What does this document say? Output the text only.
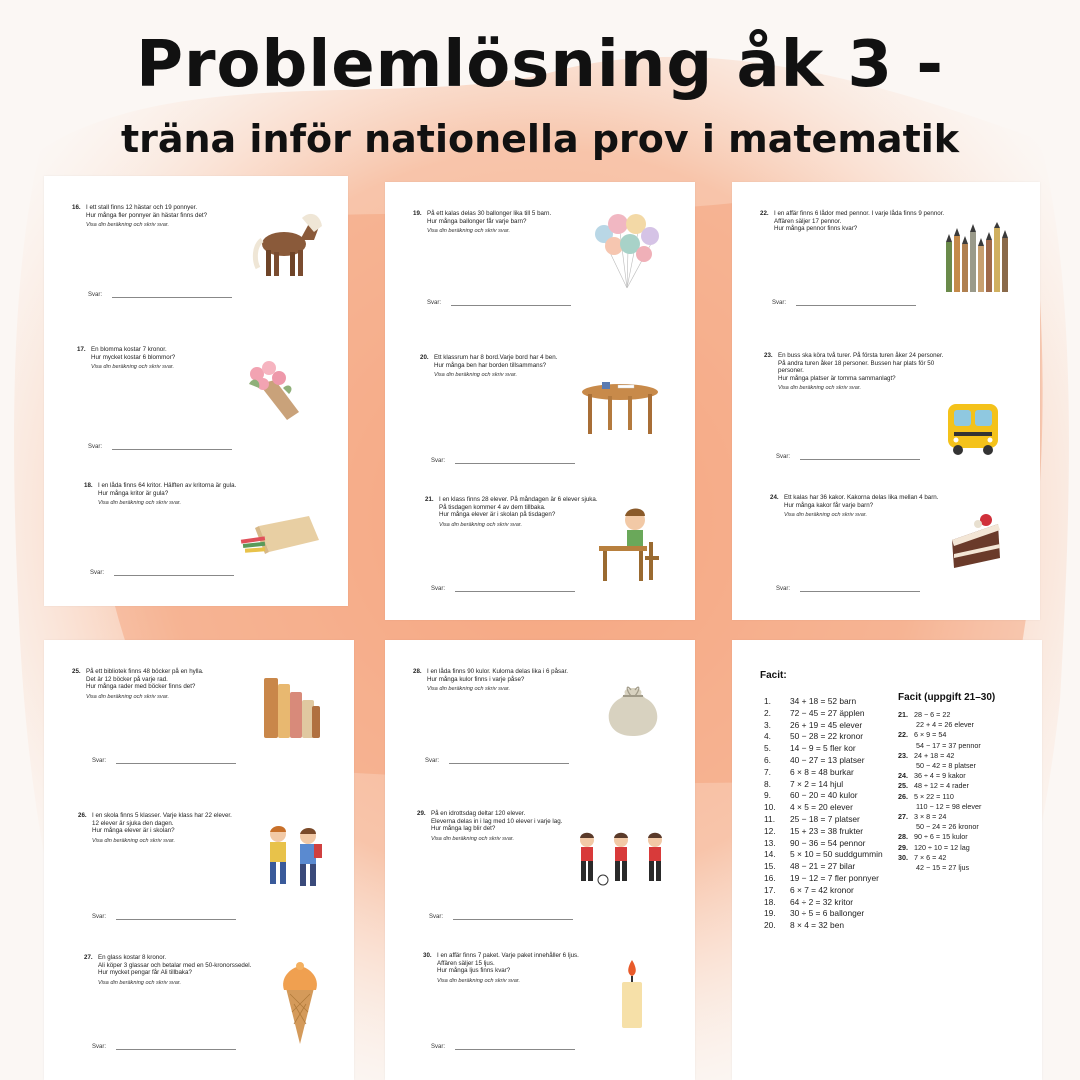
Problemlösning åk 3 -
träna inför nationella prov i matematik
16. I ett stall finns 12 hästar och 19 ponnyer.
Hur många fler ponnyer än hästar finns det?
Visa din beräkning och skriv svar.
Svar:
17. En blomma kostar 7 kronor.
Hur mycket kostar 6 blommor?
Visa din beräkning och skriv svar.
Svar:
18. I en låda finns 64 kritor. Hälften av kritorna är gula.
Hur många kritor är gula?
Visa din beräkning och skriv svar.
Svar:
19. På ett kalas delas 30 ballonger lika till 5 barn.
Hur många ballonger får varje barn?
Visa din beräkning och skriv svar.
Svar:
20. Ett klassrum har 8 bord.Varje bord har 4 ben.
Hur många ben har borden tillsammans?
Visa din beräkning och skriv svar.
Svar:
21. I en klass finns 28 elever. På måndagen är 6 elever sjuka.
På tisdagen kommer 4 av dem tillbaka.
Hur många elever är i skolan på tisdagen?
Visa din beräkning och skriv svar.
Svar:
22. I en affär finns 6 lådor med pennor. I varje låda finns 9 pennor.
Affären säljer 17 pennor.
Hur många pennor finns kvar?
Svar:
23. En buss ska köra två turer. På första turen åker 24 personer.
På andra turen åker 18 personer. Bussen har plats för 50
personer.
Hur många platser är tomma sammanlagt?
Visa din beräkning och skriv svar.
Svar:
24. Ett kalas har 36 kakor. Kakorna delas lika mellan 4 barn.
Hur många kakor får varje barn?
Visa din beräkning och skriv svar.
Svar:
25. På ett bibliotek finns 48 böcker på en hylla.
Det är 12 böcker på varje rad.
Hur många rader med böcker finns det?
Visa din beräkning och skriv svar.
Svar:
26. I en skola finns 5 klasser. Varje klass har 22 elever.
12 elever är sjuka den dagen.
Hur många elever är i skolan?
Visa din beräkning och skriv svar.
Svar:
27. En glass kostar 8 kronor.
Ali köper 3 glassar och betalar med en 50-kronorssedel.
Hur mycket pengar får Ali tillbaka?
Visa din beräkning och skriv svar.
Svar:
28. I en låda finns 90 kulor. Kulorna delas lika i 6 påsar.
Hur många kulor finns i varje påse?
Visa din beräkning och skriv svar.
Svar:
29. På en idrottsdag deltar 120 elever.
Eleverna delas in i lag med 10 elever i varje lag.
Hur många lag blir det?
Visa din beräkning och skriv svar.
Svar:
30. I en affär finns 7 paket. Varje paket innehåller 6 ljus.
Affären säljer 15 ljus.
Hur många ljus finns kvar?
Visa din beräkning och skriv svar.
Svar:
Facit:
1. 34 + 18 = 52 barn
2. 72 − 45 = 27 äpplen
3. 26 + 19 = 45 elever
4. 50 − 28 = 22 kronor
5. 14 − 9 = 5 fler kor
6. 40 − 27 = 13 platser
7. 6 × 8 = 48 burkar
8. 7 × 2 = 14 hjul
9. 60 − 20 = 40 kulor
10. 4 × 5 = 20 elever
11. 25 − 18 = 7 platser
12. 15 + 23 = 38 frukter
13. 90 − 36 = 54 pennor
14. 5 × 10 = 50 suddgummin
15. 48 − 21 = 27 bilar
16. 19 − 12 = 7 fler ponnyer
17. 6 × 7 = 42 kronor
18. 64 ÷ 2 = 32 kritor
19. 30 ÷ 5 = 6 ballonger
20. 8 × 4 = 32 ben
Facit (uppgift 21–30)
21. 28 − 6 = 22
22 + 4 = 26 elever
22. 6 × 9 = 54
54 − 17 = 37 pennor
23. 24 + 18 = 42
50 − 42 = 8 platser
24. 36 ÷ 4 = 9 kakor
25. 48 ÷ 12 = 4 rader
26. 5 × 22 = 110
110 − 12 = 98 elever
27. 3 × 8 = 24
50 − 24 = 26 kronor
28. 90 ÷ 6 = 15 kulor
29. 120 ÷ 10 = 12 lag
30. 7 × 6 = 42
42 − 15 = 27 ljus
